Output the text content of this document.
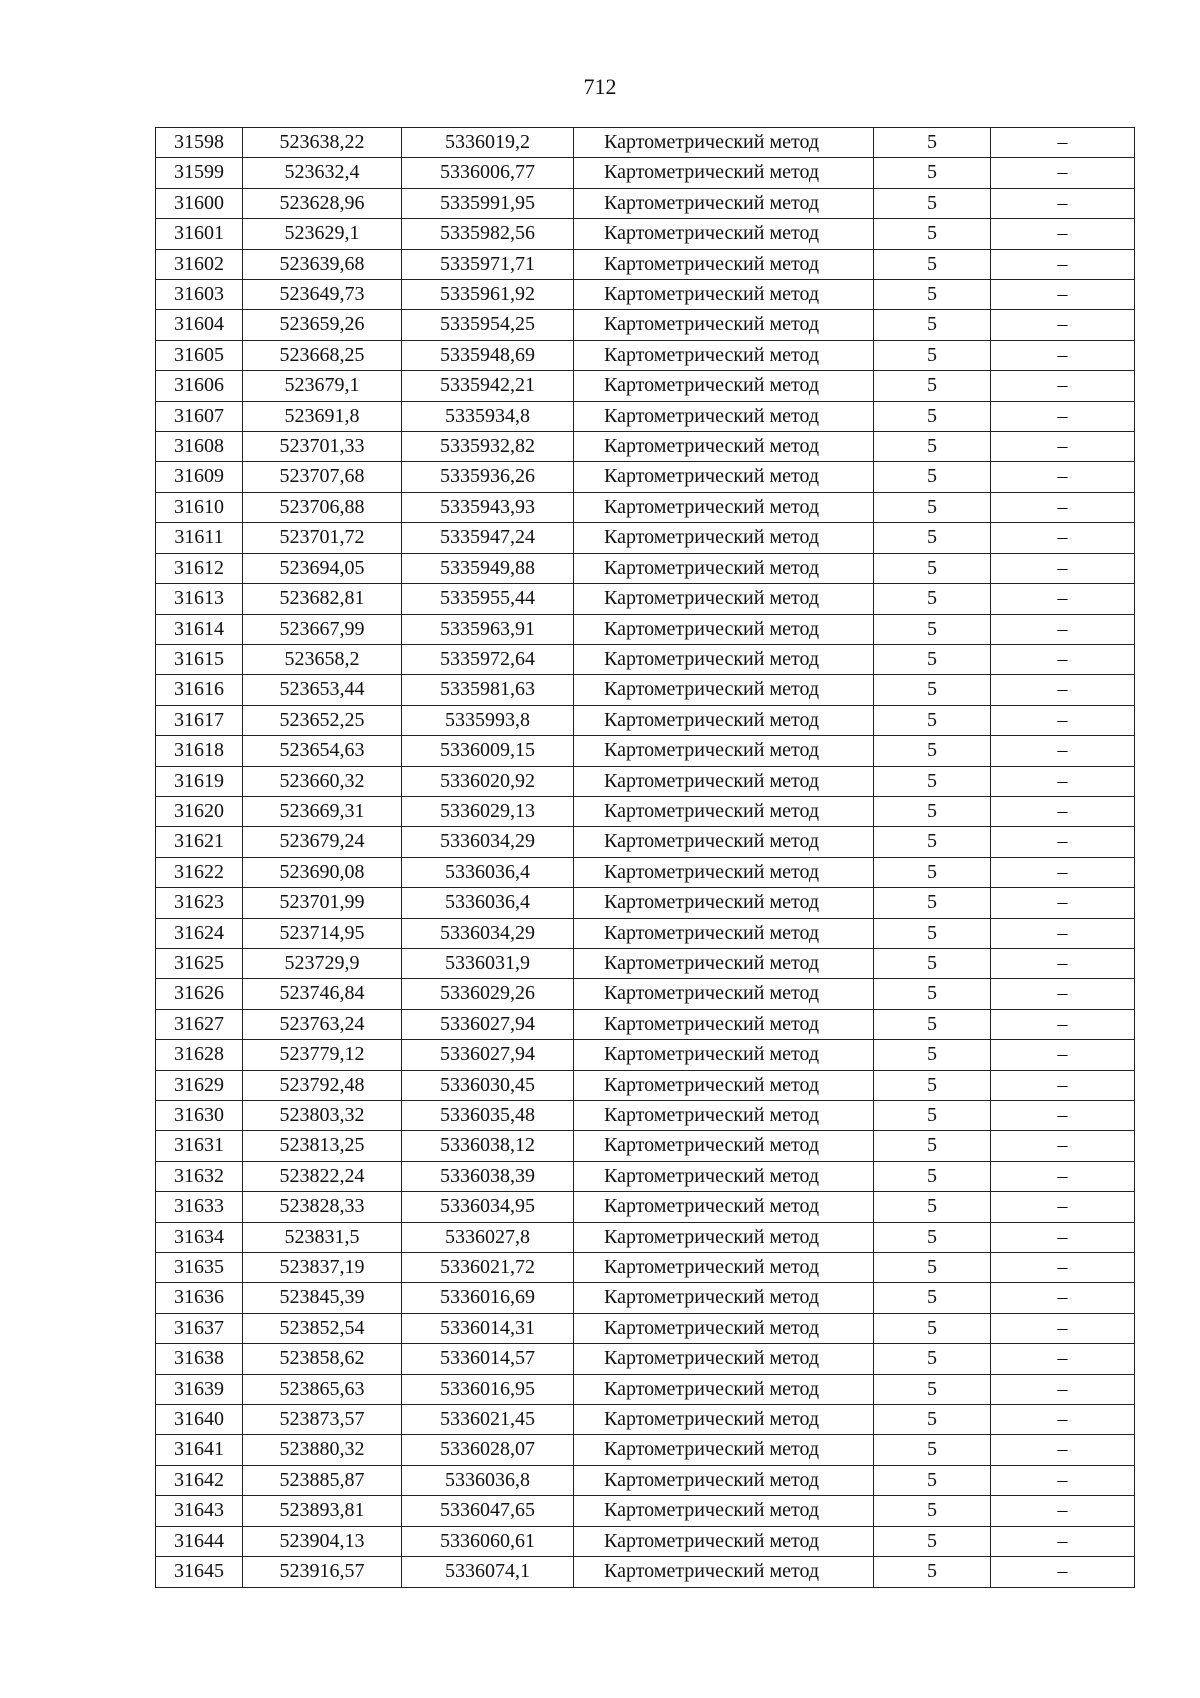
712
31598	523638,22	5336019,2	Картометрический метод	5	–
31599	523632,4	5336006,77	Картометрический метод	5	–
31600	523628,96	5335991,95	Картометрический метод	5	–
31601	523629,1	5335982,56	Картометрический метод	5	–
31602	523639,68	5335971,71	Картометрический метод	5	–
31603	523649,73	5335961,92	Картометрический метод	5	–
31604	523659,26	5335954,25	Картометрический метод	5	–
31605	523668,25	5335948,69	Картометрический метод	5	–
31606	523679,1	5335942,21	Картометрический метод	5	–
31607	523691,8	5335934,8	Картометрический метод	5	–
31608	523701,33	5335932,82	Картометрический метод	5	–
31609	523707,68	5335936,26	Картометрический метод	5	–
31610	523706,88	5335943,93	Картометрический метод	5	–
31611	523701,72	5335947,24	Картометрический метод	5	–
31612	523694,05	5335949,88	Картометрический метод	5	–
31613	523682,81	5335955,44	Картометрический метод	5	–
31614	523667,99	5335963,91	Картометрический метод	5	–
31615	523658,2	5335972,64	Картометрический метод	5	–
31616	523653,44	5335981,63	Картометрический метод	5	–
31617	523652,25	5335993,8	Картометрический метод	5	–
31618	523654,63	5336009,15	Картометрический метод	5	–
31619	523660,32	5336020,92	Картометрический метод	5	–
31620	523669,31	5336029,13	Картометрический метод	5	–
31621	523679,24	5336034,29	Картометрический метод	5	–
31622	523690,08	5336036,4	Картометрический метод	5	–
31623	523701,99	5336036,4	Картометрический метод	5	–
31624	523714,95	5336034,29	Картометрический метод	5	–
31625	523729,9	5336031,9	Картометрический метод	5	–
31626	523746,84	5336029,26	Картометрический метод	5	–
31627	523763,24	5336027,94	Картометрический метод	5	–
31628	523779,12	5336027,94	Картометрический метод	5	–
31629	523792,48	5336030,45	Картометрический метод	5	–
31630	523803,32	5336035,48	Картометрический метод	5	–
31631	523813,25	5336038,12	Картометрический метод	5	–
31632	523822,24	5336038,39	Картометрический метод	5	–
31633	523828,33	5336034,95	Картометрический метод	5	–
31634	523831,5	5336027,8	Картометрический метод	5	–
31635	523837,19	5336021,72	Картометрический метод	5	–
31636	523845,39	5336016,69	Картометрический метод	5	–
31637	523852,54	5336014,31	Картометрический метод	5	–
31638	523858,62	5336014,57	Картометрический метод	5	–
31639	523865,63	5336016,95	Картометрический метод	5	–
31640	523873,57	5336021,45	Картометрический метод	5	–
31641	523880,32	5336028,07	Картометрический метод	5	–
31642	523885,87	5336036,8	Картометрический метод	5	–
31643	523893,81	5336047,65	Картометрический метод	5	–
31644	523904,13	5336060,61	Картометрический метод	5	–
31645	523916,57	5336074,1	Картометрический метод	5	–
